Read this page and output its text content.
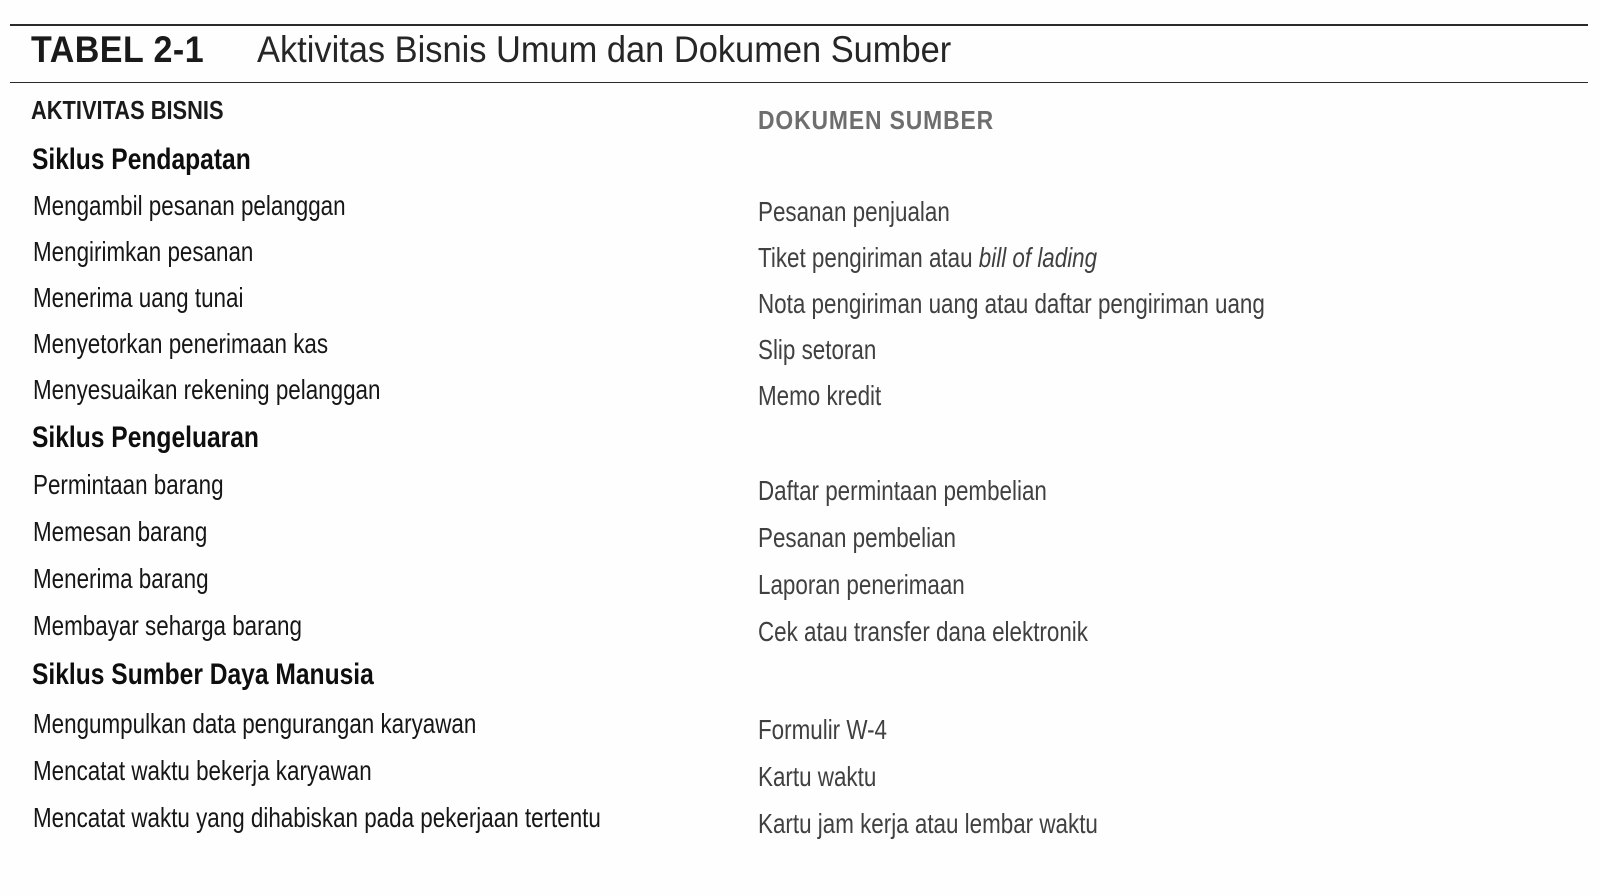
TABEL 2-1 Aktivitas Bisnis Umum dan Dokumen Sumber
AKTIVITAS BISNIS	DOKUMEN SUMBER
Siklus Pendapatan
Mengambil pesanan pelanggan	Pesanan penjualan
Mengirimkan pesanan	Tiket pengiriman atau bill of lading
Menerima uang tunai	Nota pengiriman uang atau daftar pengiriman uang
Menyetorkan penerimaan kas	Slip setoran
Menyesuaikan rekening pelanggan	Memo kredit
Siklus Pengeluaran
Permintaan barang	Daftar permintaan pembelian
Memesan barang	Pesanan pembelian
Menerima barang	Laporan penerimaan
Membayar seharga barang	Cek atau transfer dana elektronik
Siklus Sumber Daya Manusia
Mengumpulkan data pengurangan karyawan	Formulir W-4
Mencatat waktu bekerja karyawan	Kartu waktu
Mencatat waktu yang dihabiskan pada pekerjaan tertentu	Kartu jam kerja atau lembar waktu
